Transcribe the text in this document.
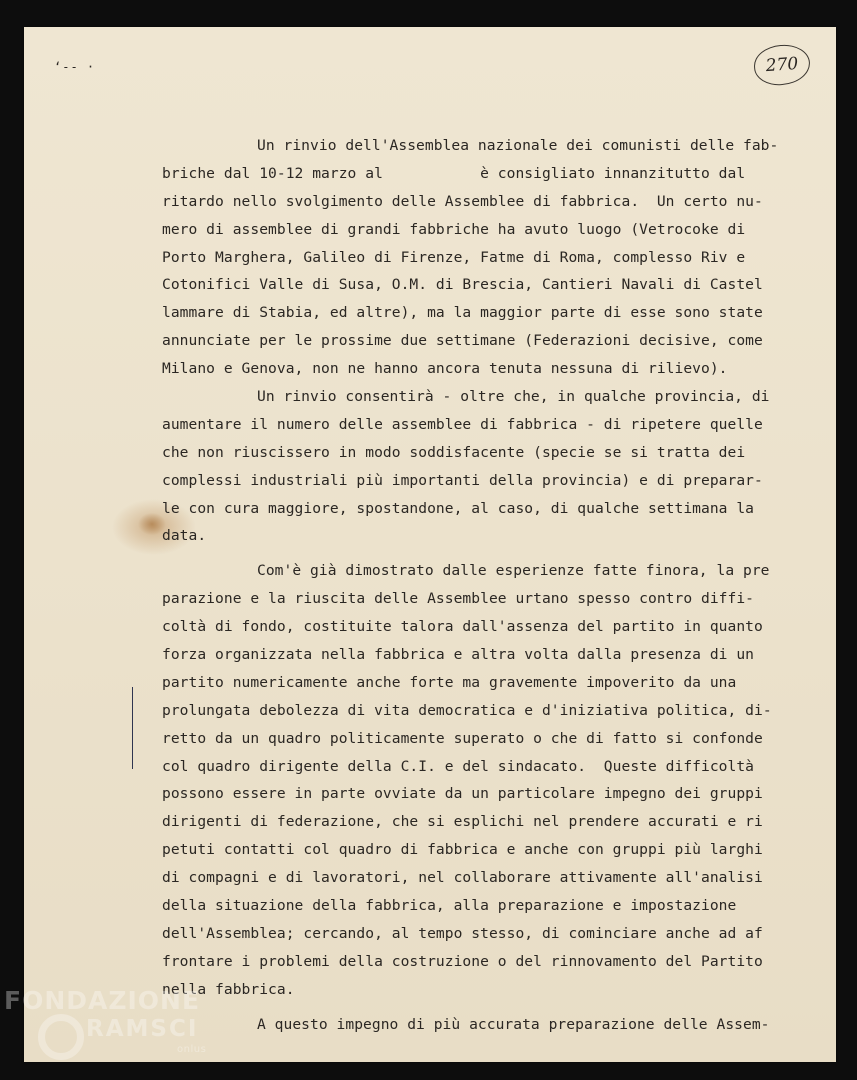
‘-- ·	270
Un rinvio dell'Assemblea nazionale dei comunisti delle fab-
briche dal 10-12 marzo al           è consigliato innanzitutto dal
ritardo nello svolgimento delle Assemblee di fabbrica.  Un certo nu-
mero di assemblee di grandi fabbriche ha avuto luogo (Vetrocoke di
Porto Marghera, Galileo di Firenze, Fatme di Roma, complesso Riv e
Cotonifici Valle di Susa, O.M. di Brescia, Cantieri Navali di Castel
lammare di Stabia, ed altre), ma la maggior parte di esse sono state
annunciate per le prossime due settimane (Federazioni decisive, come
Milano e Genova, non ne hanno ancora tenuta nessuna di rilievo).
Un rinvio consentirà - oltre che, in qualche provincia, di
aumentare il numero delle assemblee di fabbrica - di ripetere quelle
che non riuscissero in modo soddisfacente (specie se si tratta dei
complessi industriali più importanti della provincia) e di preparar-
le con cura maggiore, spostandone, al caso, di qualche settimana la
data.
Com'è già dimostrato dalle esperienze fatte finora, la pre
parazione e la riuscita delle Assemblee urtano spesso contro diffi-
coltà di fondo, costituite talora dall'assenza del partito in quanto
forza organizzata nella fabbrica e altra volta dalla presenza di un
partito numericamente anche forte ma gravemente impoverito da una
prolungata debolezza di vita democratica e d'iniziativa politica, di-
retto da un quadro politicamente superato o che di fatto si confonde
col quadro dirigente della C.I. e del sindacato.  Queste difficoltà
possono essere in parte ovviate da un particolare impegno dei gruppi
dirigenti di federazione, che si esplichi nel prendere accurati e ri
petuti contatti col quadro di fabbrica e anche con gruppi più larghi
di compagni e di lavoratori, nel collaborare attivamente all'analisi
della situazione della fabbrica, alla preparazione e impostazione
dell'Assemblea; cercando, al tempo stesso, di cominciare anche ad af
frontare i problemi della costruzione o del rinnovamento del Partito
nella fabbrica.
A questo impegno di più accurata preparazione delle Assem-
FONDAZIONE
RAMSCI
onlus
